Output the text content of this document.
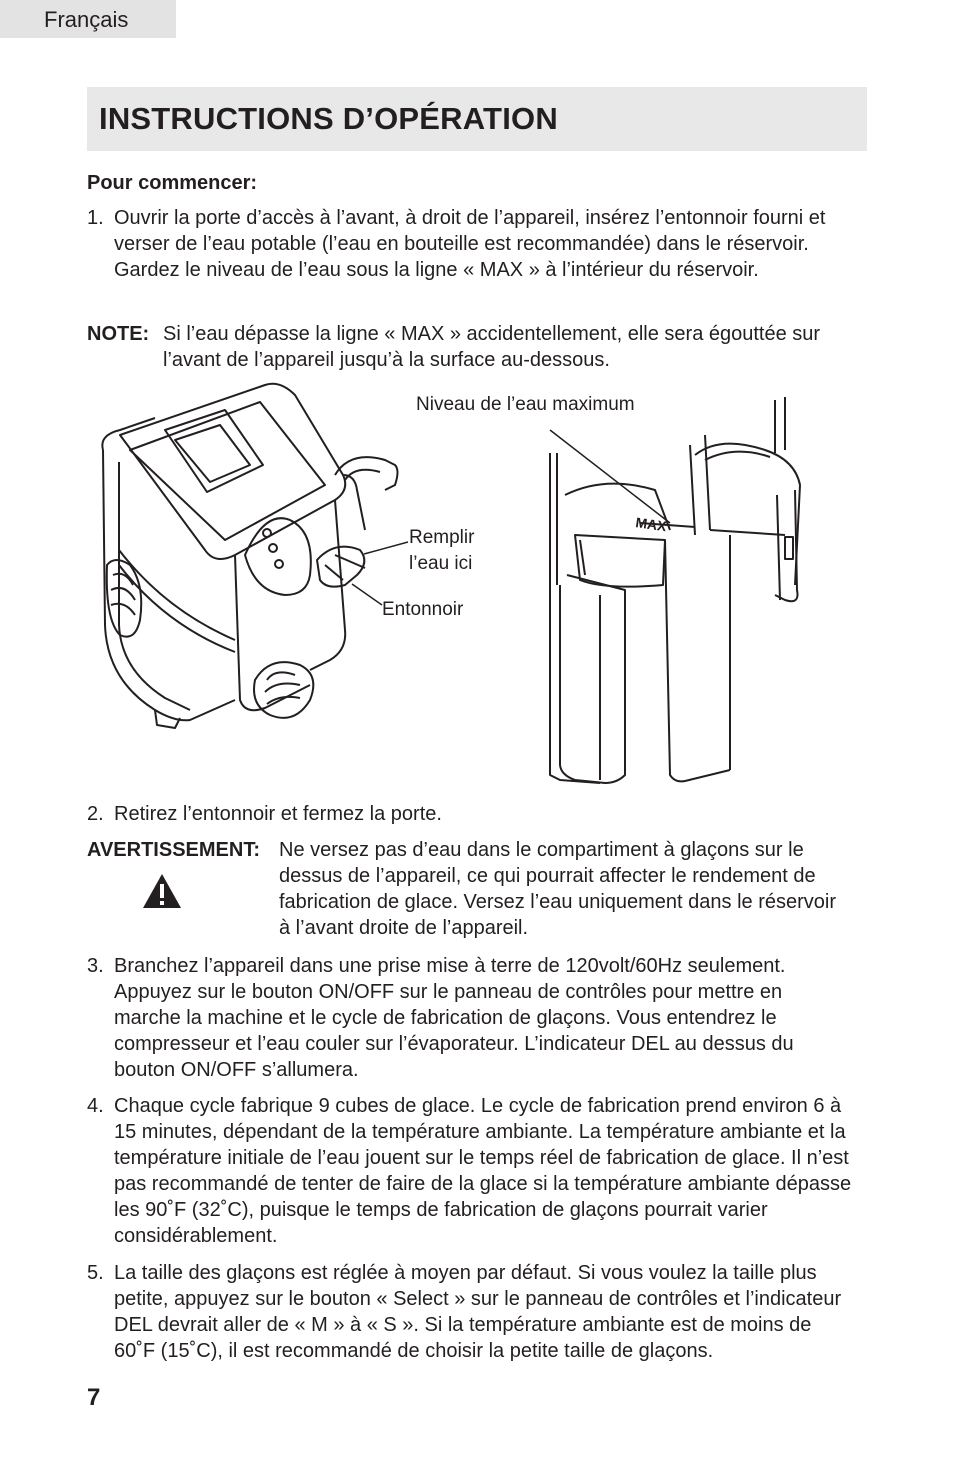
Français
INSTRUCTIONS D’OPÉRATION
Pour commencer:
1. Ouvrir la porte d’accès à l’avant, à droit de l’appareil, insérez l’entonnoir fourni et verser de l’eau potable (l’eau en bouteille est recommandée) dans le réservoir. Gardez le niveau de l’eau sous la ligne « MAX » à l’intérieur du réservoir.
NOTE: Si l’eau dépasse la ligne « MAX » accidentellement, elle sera égouttée sur l’avant de l’appareil jusqu’à la surface au-dessous.
MAX
Niveau de l’eau maximum
Remplir
l’eau ici
Entonnoir
2. Retirez l’entonnoir et fermez la porte.
AVERTISSEMENT: Ne versez pas d’eau dans le compartiment à glaçons sur le dessus de l’appareil, ce qui pourrait affecter le rendement de fabrication de glace. Versez l’eau uniquement dans le réservoir à l’avant droite de l’appareil.
3. Branchez l’appareil dans une prise mise à terre de 120volt/60Hz seulement. Appuyez sur le bouton ON/OFF sur le panneau de contrôles pour mettre en marche la machine et le cycle de fabrication de glaçons. Vous entendrez le compresseur et l’eau couler sur l’évaporateur. L’indicateur DEL au dessus du bouton ON/OFF s’allumera.
4. Chaque cycle fabrique 9 cubes de glace. Le cycle de fabrication prend environ 6 à 15 minutes, dépendant de la température ambiante. La température ambiante et la température initiale de l’eau jouent sur le temps réel de fabrication de glace. Il n’est pas recommandé de tenter de faire de la glace si la température ambiante dépasse les 90˚F (32˚C), puisque le temps de fabrication de glaçons pourrait varier considérablement.
5. La taille des glaçons est réglée à moyen par défaut. Si vous voulez la taille plus petite, appuyez sur le bouton « Select » sur le panneau de contrôles et l’indicateur DEL devrait aller de « M » à « S ». Si la température ambiante est de moins de 60˚F (15˚C), il est recommandé de choisir la petite taille de glaçons.
7
